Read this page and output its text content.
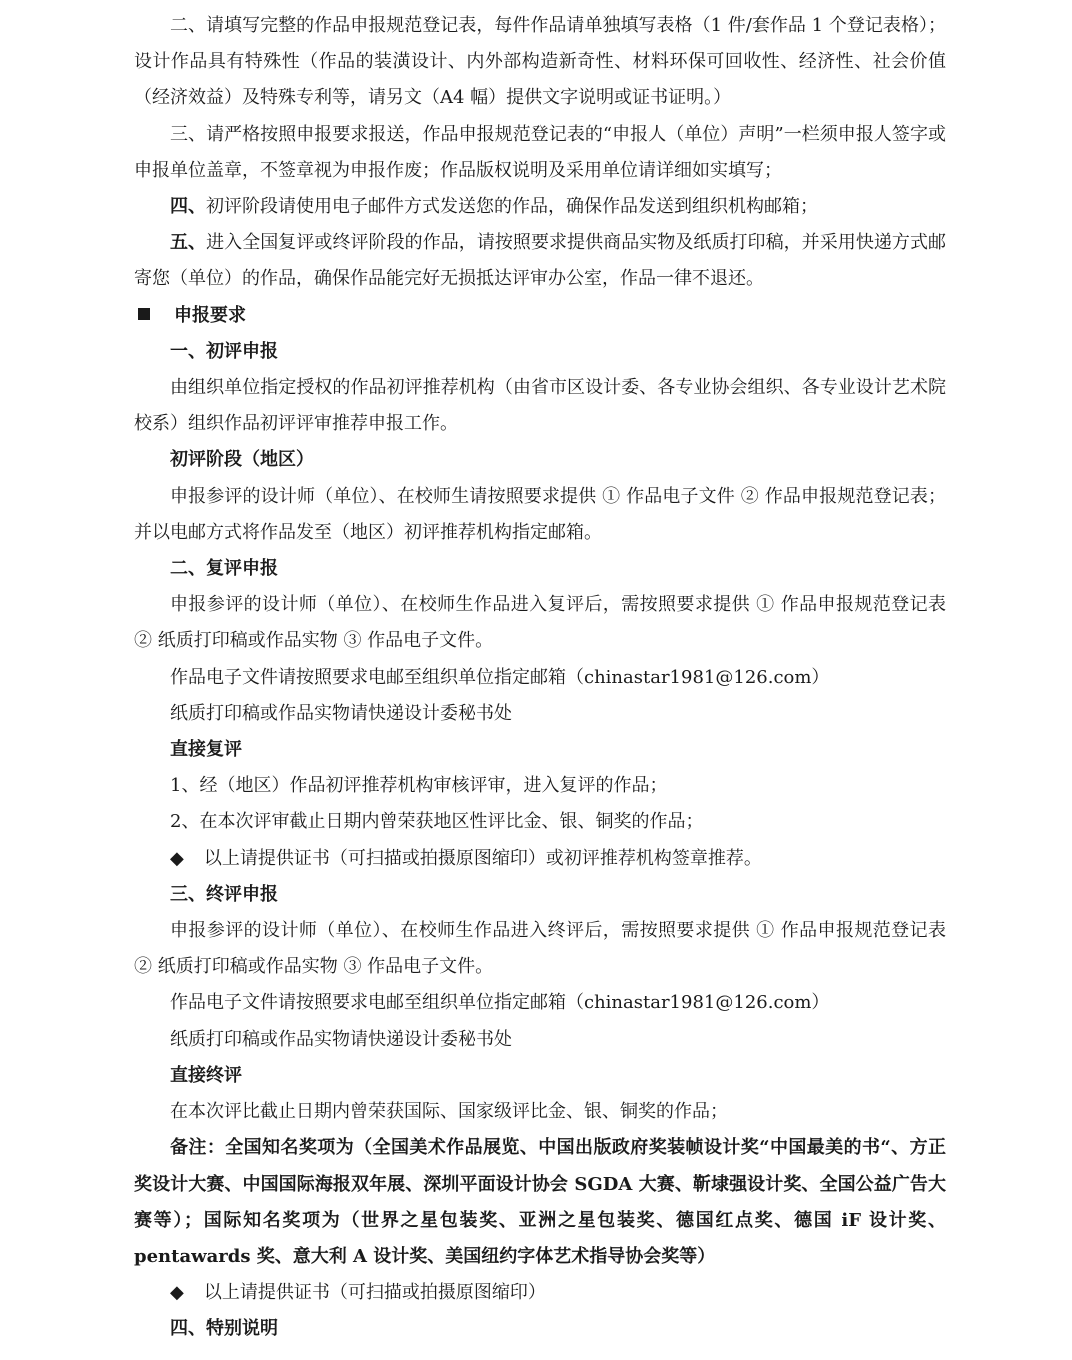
二、请填写完整的作品申报规范登记表，每件作品请单独填写表格（1 件/套作品 1 个登记表格）；设计作品具有特殊性（作品的装潢设计、内外部构造新奇性、材料环保可回收性、经济性、社会价值（经济效益）及特殊专利等，请另文（A4 幅）提供文字说明或证书证明。）

三、请严格按照申报要求报送，作品申报规范登记表的“申报人（单位）声明”一栏须申报人签字或申报单位盖章，不签章视为申报作废；作品版权说明及采用单位请详细如实填写；

四、初评阶段请使用电子邮件方式发送您的作品，确保作品发送到组织机构邮箱；

五、进入全国复评或终评阶段的作品，请按照要求提供商品实物及纸质打印稿，并采用快递方式邮寄您（单位）的作品，确保作品能完好无损抵达评审办公室，作品一律不退还。

申报要求

一、初评申报

由组织单位指定授权的作品初评推荐机构（由省市区设计委、各专业协会组织、各专业设计艺术院校系）组织作品初评评审推荐申报工作。

初评阶段（地区）

申报参评的设计师（单位）、在校师生请按照要求提供 ① 作品电子文件 ② 作品申报规范登记表；并以电邮方式将作品发至（地区）初评推荐机构指定邮箱。

二、复评申报

申报参评的设计师（单位）、在校师生作品进入复评后，需按照要求提供 ① 作品申报规范登记表 ② 纸质打印稿或作品实物 ③ 作品电子文件。

作品电子文件请按照要求电邮至组织单位指定邮箱（chinastar1981@126.com）

纸质打印稿或作品实物请快递设计委秘书处

直接复评

1、经（地区）作品初评推荐机构审核评审，进入复评的作品；

2、在本次评审截止日期内曾荣获地区性评比金、银、铜奖的作品；

◆ 以上请提供证书（可扫描或拍摄原图缩印）或初评推荐机构签章推荐。

三、终评申报

申报参评的设计师（单位）、在校师生作品进入终评后，需按照要求提供 ① 作品申报规范登记表 ② 纸质打印稿或作品实物 ③ 作品电子文件。

作品电子文件请按照要求电邮至组织单位指定邮箱（chinastar1981@126.com）

纸质打印稿或作品实物请快递设计委秘书处

直接终评

在本次评比截止日期内曾荣获国际、国家级评比金、银、铜奖的作品；

备注：全国知名奖项为（全国美术作品展览、中国出版政府奖装帧设计奖“中国最美的书“、方正奖设计大赛、中国国际海报双年展、深圳平面设计协会 SGDA 大赛、靳埭强设计奖、全国公益广告大赛等）；国际知名奖项为（世界之星包装奖、亚洲之星包装奖、德国红点奖、德国 iF 设计奖、pentawards 奖、意大利 A 设计奖、美国纽约字体艺术指导协会奖等）

◆ 以上请提供证书（可扫描或拍摄原图缩印）

四、特别说明
